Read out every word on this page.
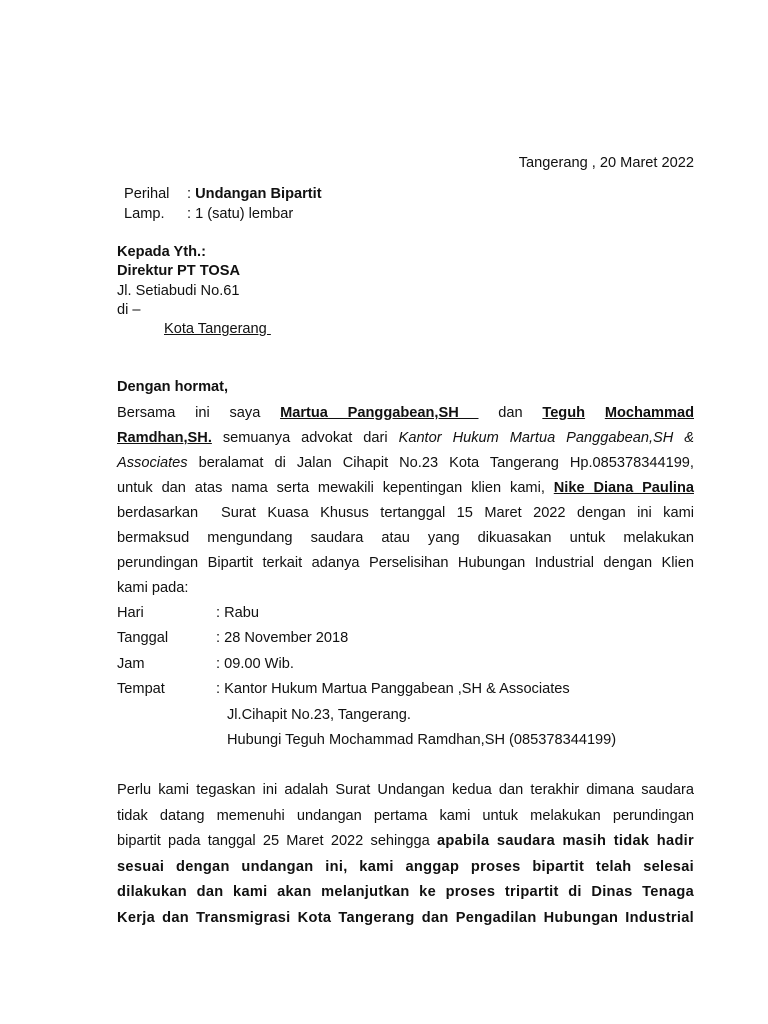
Tangerang , 20 Maret 2022
Perihal : Undangan Bipartit
Lamp. : 1 (satu) lembar
Kepada Yth.:
Direktur PT TOSA
Jl. Setiabudi No.61
di –
Kota Tangerang
Dengan hormat,
Bersama ini saya Martua Panggabean,SH  dan Teguh Mochammad
Ramdhan,SH. semuanya advokat dari Kantor Hukum Martua Panggabean,SH &
Associates beralamat di Jalan Cihapit No.23 Kota Tangerang Hp.085378344199,
untuk dan atas nama serta mewakili kepentingan klien kami, Nike Diana Paulina
berdasarkan  Surat Kuasa Khusus tertanggal 15 Maret 2022 dengan ini kami
bermaksud mengundang saudara atau yang dikuasakan untuk melakukan
perundingan Bipartit terkait adanya Perselisihan Hubungan Industrial dengan Klien
kami pada:
Hari	: Rabu
Tanggal	: 28 November 2018
Jam	: 09.00 Wib.
Tempat	: Kantor Hukum Martua Panggabean ,SH & Associates
Jl.Cihapit No.23, Tangerang.
Hubungi Teguh Mochammad Ramdhan,SH (085378344199)
Perlu kami tegaskan ini adalah Surat Undangan kedua dan terakhir dimana saudara
tidak datang memenuhi undangan pertama kami untuk melakukan perundingan
bipartit pada tanggal 25 Maret 2022 sehingga apabila saudara masih tidak hadir
sesuai dengan undangan ini, kami anggap proses bipartit telah selesai
dilakukan dan kami akan melanjutkan ke proses tripartit di Dinas Tenaga
Kerja dan Transmigrasi Kota Tangerang dan Pengadilan Hubungan Industrial
